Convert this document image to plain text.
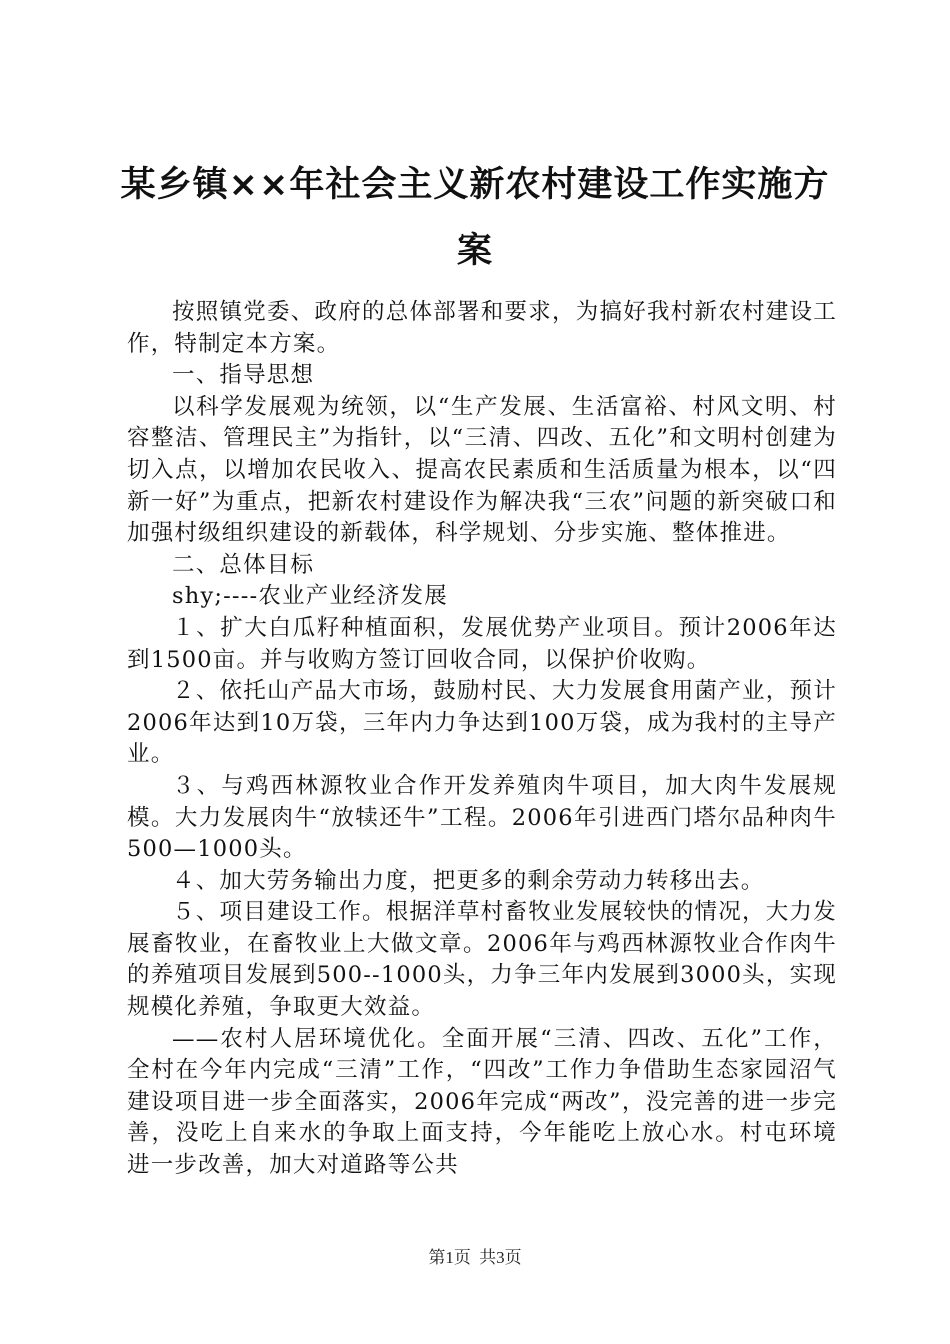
某乡镇××年社会主义新农村建设工作实施方案

按照镇党委、政府的总体部署和要求，为搞好我村新农村建设工作，特制定本方案。

一、指导思想

以科学发展观为统领，以“生产发展、生活富裕、村风文明、村容整洁、管理民主”为指针，以“三清、四改、五化”和文明村创建为切入点，以增加农民收入、提高农民素质和生活质量为根本，以“四新一好”为重点，把新农村建设作为解决我“三农”问题的新突破口和加强村级组织建设的新载体，科学规划、分步实施、整体推进。

二、总体目标

shy;----农业产业经济发展

１、扩大白瓜籽种植面积，发展优势产业项目。预计2006年达到1500亩。并与收购方签订回收合同，以保护价收购。

２、依托山产品大市场，鼓励村民、大力发展食用菌产业，预计2006年达到10万袋，三年内力争达到100万袋，成为我村的主导产业。

３、与鸡西林源牧业合作开发养殖肉牛项目，加大肉牛发展规模。大力发展肉牛“放犊还牛”工程。2006年引进西门塔尔品种肉牛500—1000头。

４、加大劳务输出力度，把更多的剩余劳动力转移出去。

５、项目建设工作。根据洋草村畜牧业发展较快的情况，大力发展畜牧业，在畜牧业上大做文章。2006年与鸡西林源牧业合作肉牛的养殖项目发展到500--1000头，力争三年内发展到3000头，实现规模化养殖，争取更大效益。

——农村人居环境优化。全面开展“三清、四改、五化”工作，全村在今年内完成“三清”工作，“四改”工作力争借助生态家园沼气建设项目进一步全面落实，2006年完成“两改”，没完善的进一步完善，没吃上自来水的争取上面支持，今年能吃上放心水。村屯环境进一步改善，加大对道路等公共

第1页 共3页
